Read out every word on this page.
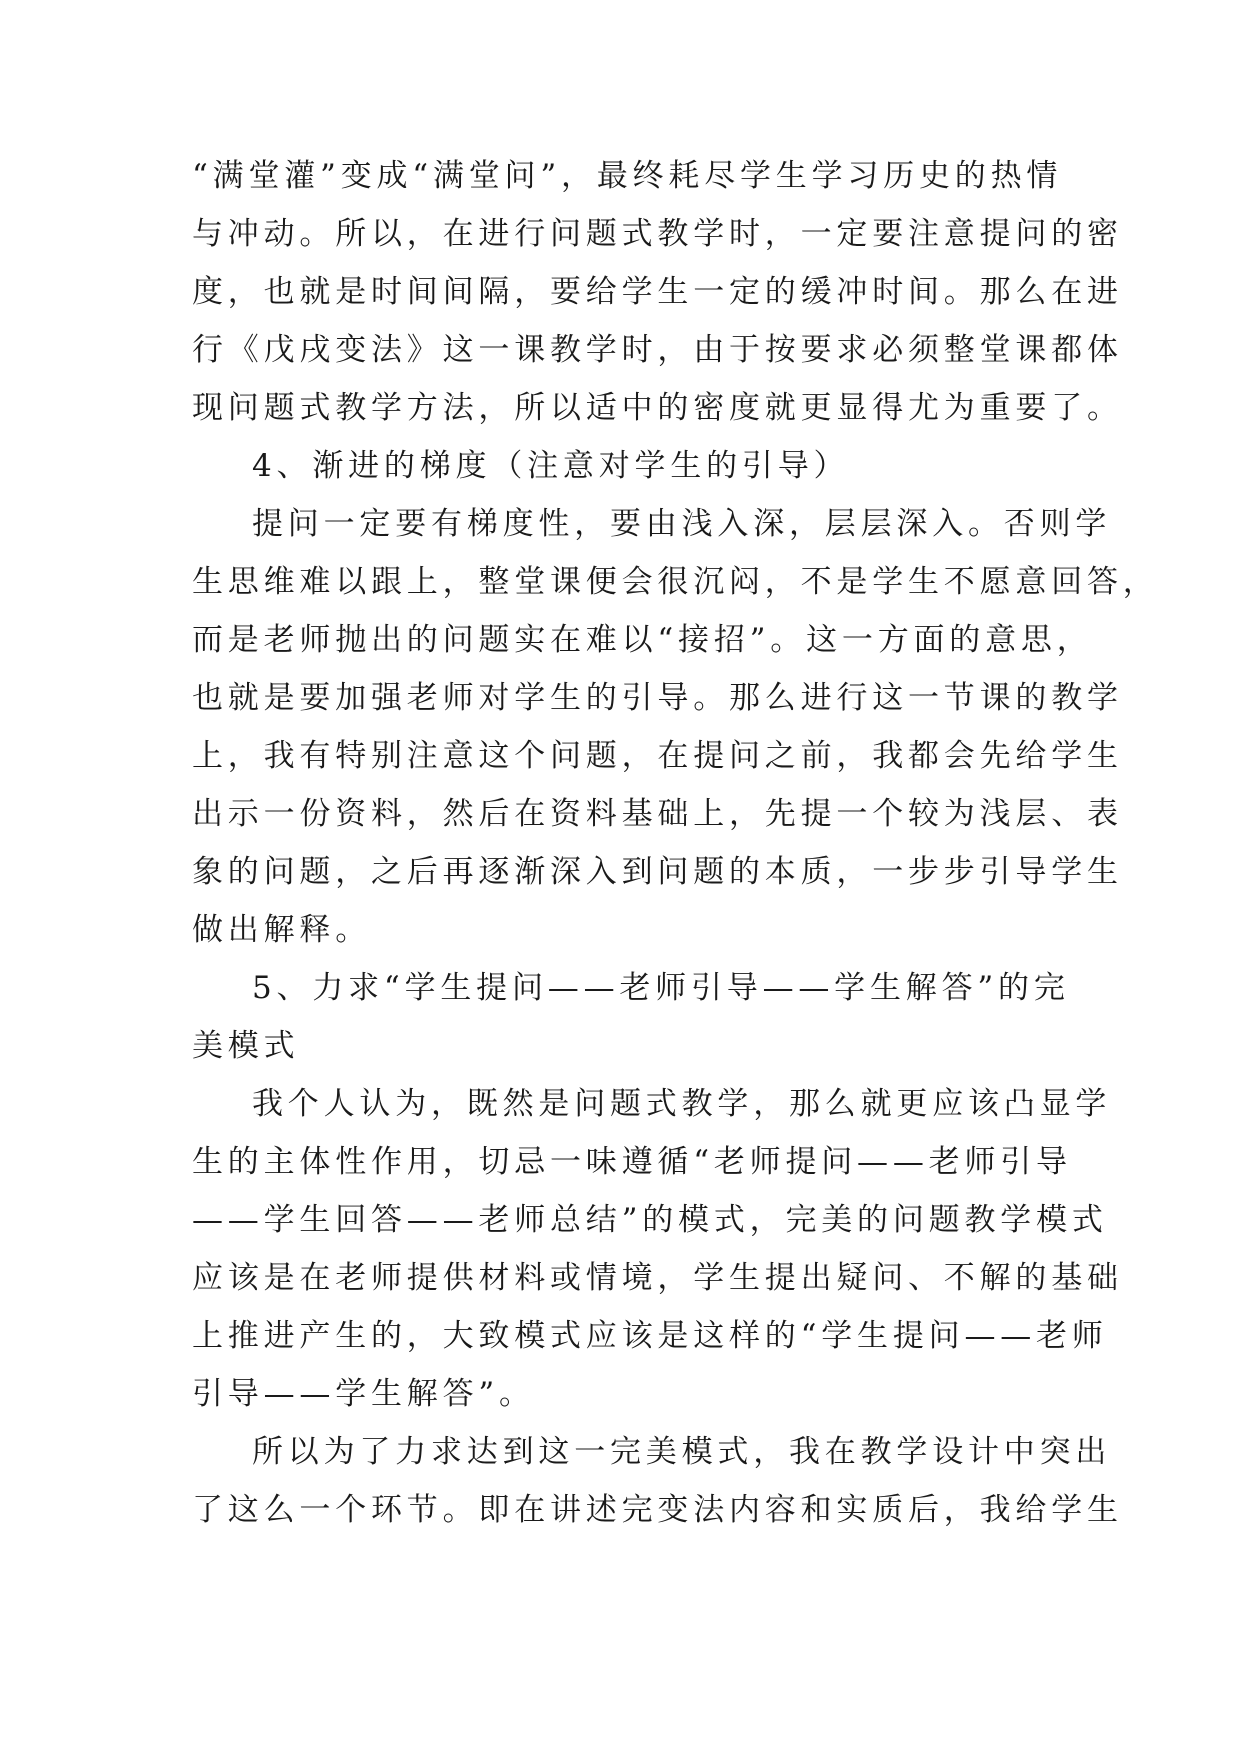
“满堂灌”变成“满堂问”，最终耗尽学生学习历史的热情
与冲动。所以，在进行问题式教学时，一定要注意提问的密
度，也就是时间间隔，要给学生一定的缓冲时间。那么在进
行《戊戌变法》这一课教学时，由于按要求必须整堂课都体
现问题式教学方法，所以适中的密度就更显得尤为重要了。
4、渐进的梯度（注意对学生的引导）
提问一定要有梯度性，要由浅入深，层层深入。否则学
生思维难以跟上，整堂课便会很沉闷，不是学生不愿意回答，
而是老师抛出的问题实在难以“接招”。这一方面的意思，
也就是要加强老师对学生的引导。那么进行这一节课的教学
上，我有特别注意这个问题，在提问之前，我都会先给学生
出示一份资料，然后在资料基础上，先提一个较为浅层、表
象的问题，之后再逐渐深入到问题的本质，一步步引导学生
做出解释。
5、力求“学生提问——老师引导——学生解答”的完
美模式
我个人认为，既然是问题式教学，那么就更应该凸显学
生的主体性作用，切忌一味遵循“老师提问——老师引导
——学生回答——老师总结”的模式，完美的问题教学模式
应该是在老师提供材料或情境，学生提出疑问、不解的基础
上推进产生的，大致模式应该是这样的“学生提问——老师
引导——学生解答”。
所以为了力求达到这一完美模式，我在教学设计中突出
了这么一个环节。即在讲述完变法内容和实质后，我给学生
